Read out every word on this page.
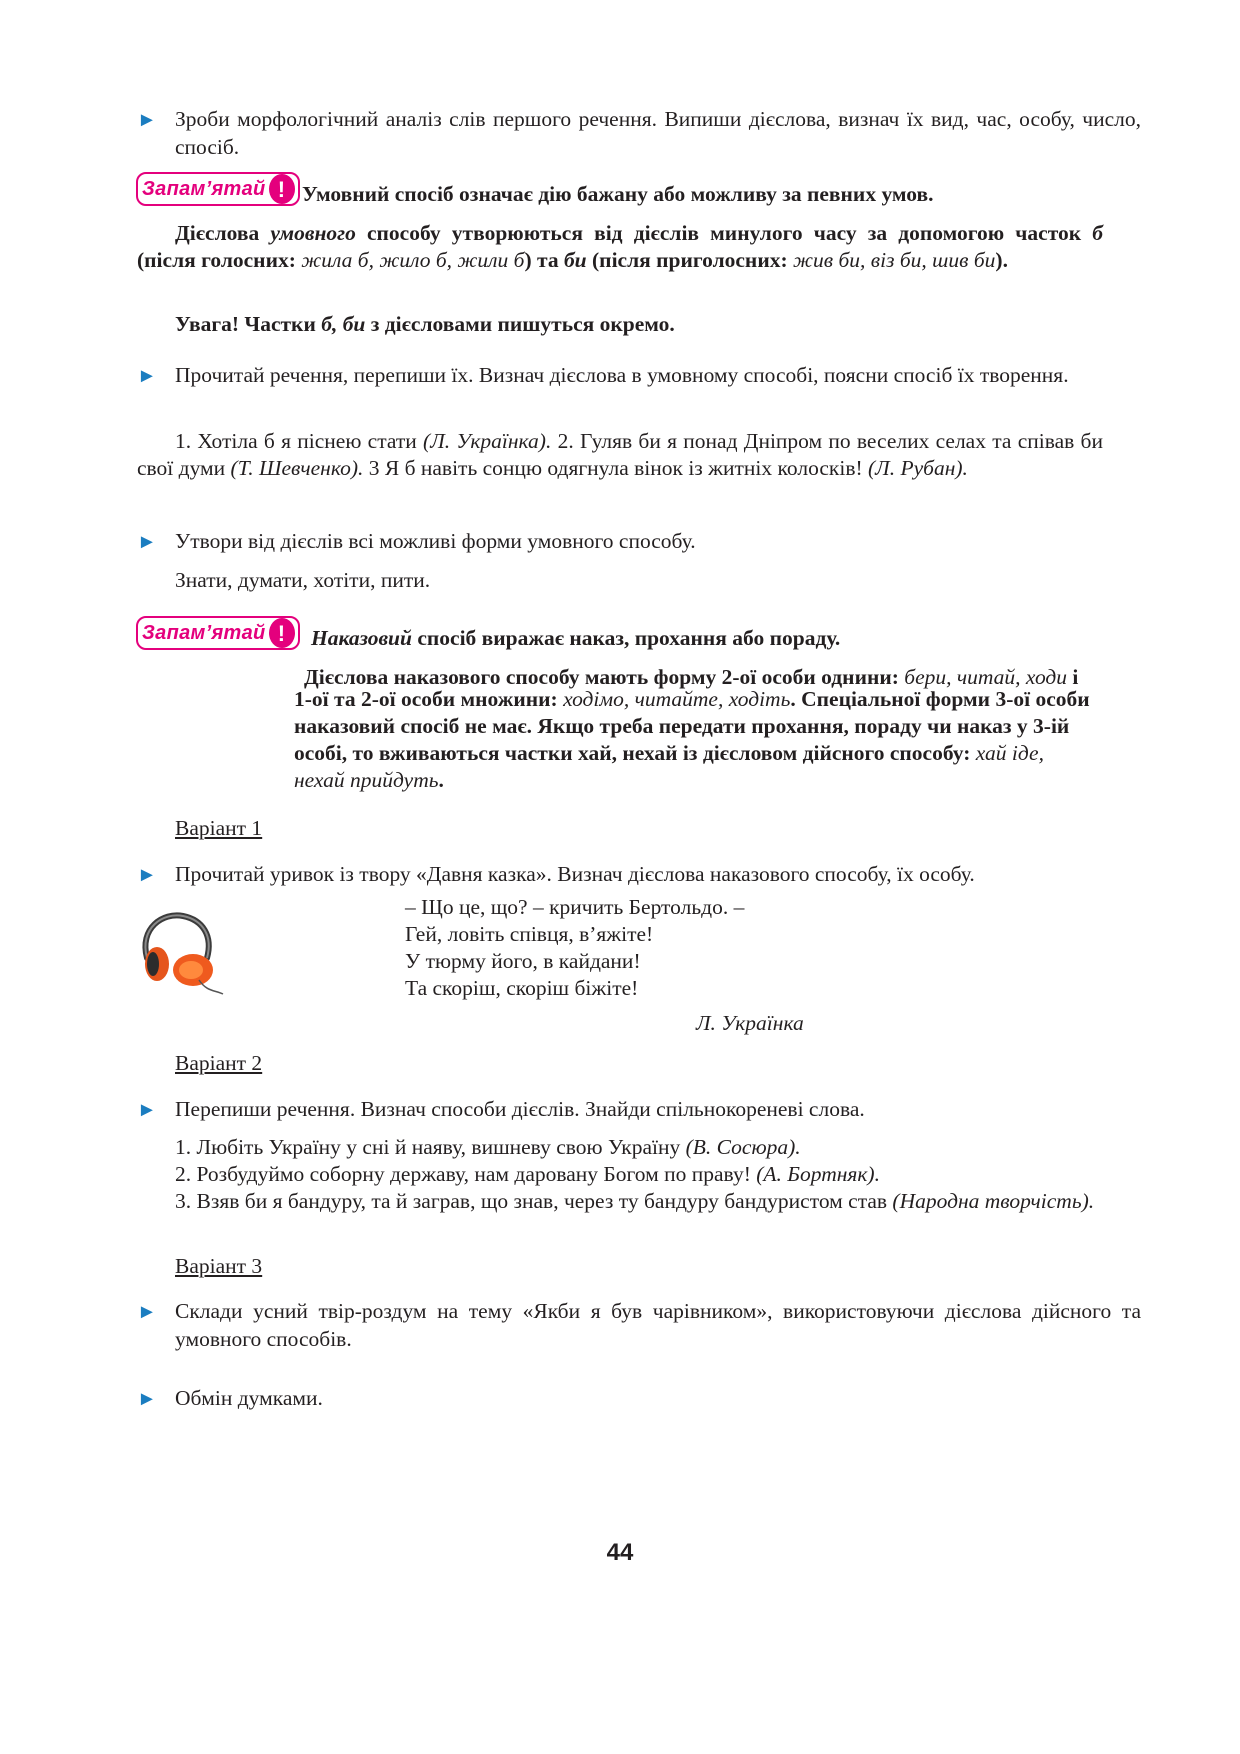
► Зроби морфологічний аналіз слів першого речення. Випиши дієслова, визнач їх вид, час, особу, число, спосіб.
Запам’ятай ! Умовний спосіб означає дію бажану або можливу за певних умов.
Дієслова умовного способу утворюються від дієслів минулого часу за допомогою часток б (після голосних: жила б, жило б, жили б) та би (після приголосних: жив би, віз би, шив би).
Увага! Частки б, би з дієсловами пишуться окремо.
► Прочитай речення, перепиши їх. Визнач дієслова в умовному способі, поясни спосіб їх творення.
1. Хотіла б я піснею стати (Л. Українка). 2. Гуляв би я понад Дніпром по веселих селах та співав би свої думи (Т. Шевченко). 3 Я б навіть сонцю одягнула вінок із житніх колосків! (Л. Рубан).
► Утвори від дієслів всі можливі форми умовного способу.
Знати, думати, хотіти, пити.
Запам’ятай !	Наказовий спосіб виражає наказ, прохання або пораду.
Дієслова наказового способу мають форму 2-ої особи однини: бери, читай, ходи і
1-ої та 2-ої особи множини: ходімо, читайте, ходіть. Спеціальної форми 3-ої особи наказовий спосіб не має. Якщо треба передати прохання, пораду чи наказ у 3-ій особі, то вживаються частки хай, нехай із дієсловом дійсного способу: хай іде, нехай прийдуть.
Варіант 1
► Прочитай уривок із твору «Давня казка». Визнач дієслова наказового способу, їх особу.
– Що це, що? – кричить Бертольдо. –
Гей, ловіть співця, в’яжіте!
У тюрму його, в кайдани!
Та скоріш, скоріш біжіте!
Л. Українка
Варіант 2
► Перепиши речення. Визнач способи дієслів. Знайди спільнокореневі слова.
1. Любіть Україну у сні й наяву, вишневу свою Україну (В. Сосюра).
2. Розбудуймо соборну державу, нам даровану Богом по праву! (А. Бортняк).
3. Взяв би я бандуру, та й заграв, що знав, через ту бандуру бандуристом став (Народна творчість).
Варіант 3
► Склади усний твір-роздум на тему «Якби я був чарівником», використовуючи дієслова дійсного та умовного способів.
► Обмін думками.
44
